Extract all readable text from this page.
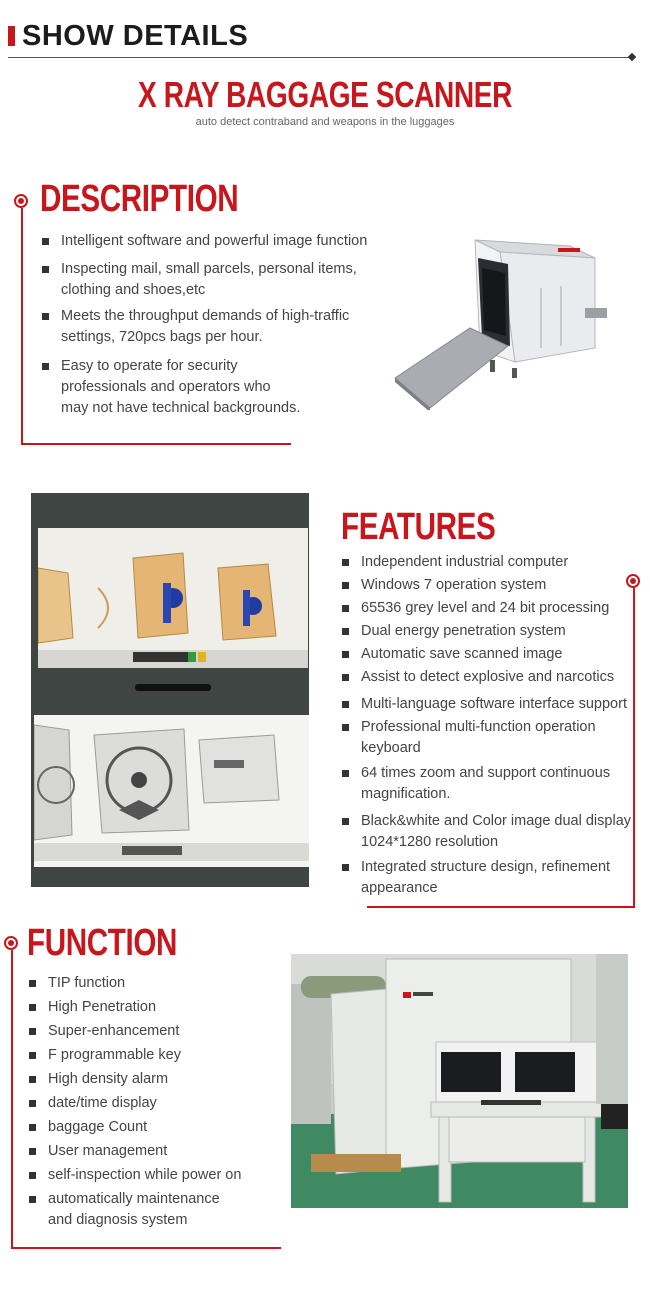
SHOW DETAILS
X RAY BAGGAGE SCANNER
auto detect contraband and weapons in the luggages
DESCRIPTION
Intelligent software and powerful image function
Inspecting mail, small parcels, personal items,
clothing and shoes,etc
Meets the throughput demands of high-traffic
settings, 720pcs bags per hour.
Easy to operate for security
professionals and operators who
may not have technical backgrounds.
FEATURES
Independent industrial computer
Windows 7 operation system
65536 grey level and 24 bit processing
Dual energy penetration system
Automatic save scanned image
Assist to detect explosive and narcotics
Multi-language software interface support
Professional multi-function operation
keyboard
64 times zoom and support continuous
magnification.
Black&white and Color image dual display
1024*1280 resolution
Integrated structure design, refinement
appearance
FUNCTION
TIP function
High Penetration
Super-enhancement
F programmable key
High density alarm
date/time display
baggage Count
User management
self-inspection while power on
automatically maintenance
and diagnosis system
